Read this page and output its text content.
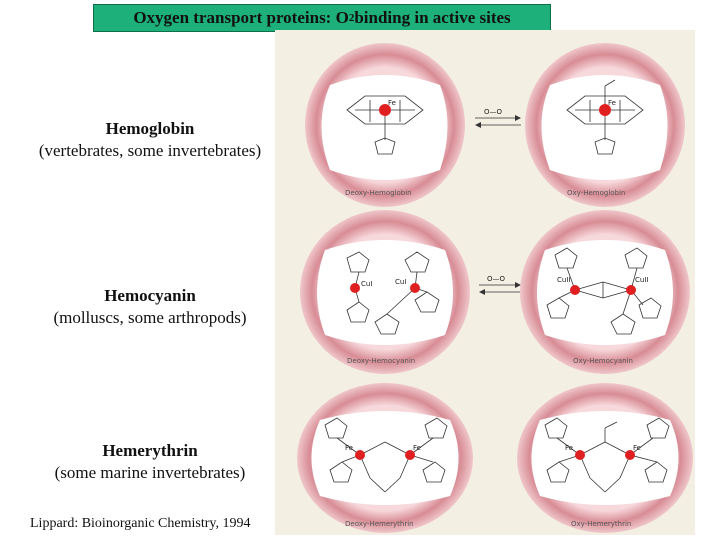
Oxygen transport proteins: O 2 binding in active sites
Hemoglobin
(vertebrates, some invertebrates)
Hemocyanin
(molluscs, some arthropods)
Hemerythrin
(some marine invertebrates)
Lippard: Bioinorganic Chemistry, 1994
Fe
Deoxy-Hemoglobin
O—O
Fe
Oxy-Hemoglobin
CuI	CuI
Deoxy-Hemocyanin
O—O	CuII	CuII
Oxy-Hemocyanin
Fe	Fe
Deoxy-Hemerythrin
Fe	Fe
Oxy-Hemerythrin
